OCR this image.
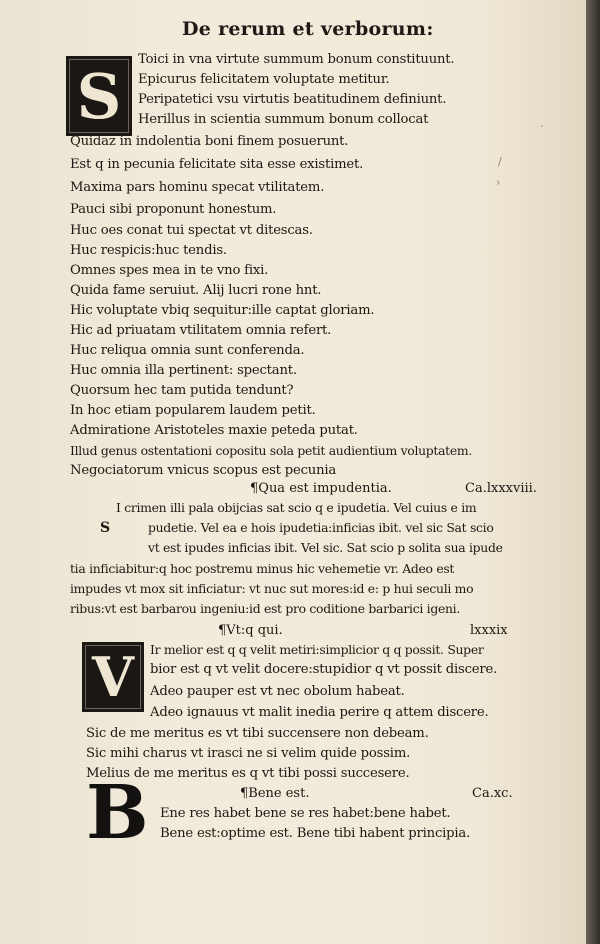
De rerum et verborum:
S Toici in vna virtute summum bonum constituunt.
Epicurus felicitatem voluptate metitur.
Peripatetici vsu virtutis beatitudinem definiunt.
Herillus in scientia summum bonum collocat
Quidaz in indolentia boni finem posuerunt.
Est q in pecunia felicitate sita esse existimet.
Maxima pars hominu specat vtilitatem.
Pauci sibi proponunt honestum.
Huc oes conat tui spectat vt ditescas.
Huc respicis:huc tendis.
Omnes spes mea in te vno fixi.
Quida fame seruiut. Alij lucri rone hnt.
Hic voluptate vbiq sequitur:ille captat gloriam.
Hic ad priuatam vtilitatem omnia refert.
Huc reliqua omnia sunt conferenda.
Huc omnia illa pertinent: spectant.
Quorsum hec tam putida tendunt?
In hoc etiam popularem laudem petit.
Admiratione Aristoteles maxie peteda putat.
Illud genus ostentationi copositu sola petit audientium voluptatem.
Negociatorum vnicus scopus est pecunia
¶Qua est impudentia.	Ca.lxxxviii.
I crimen illi pala obijcias sat scio q e ipudetia. Vel cuius e im
S	pudetie. Vel ea e hois ipudetia:inficias ibit. vel sic Sat scio
vt est ipudes inficias ibit. Vel sic. Sat scio p solita sua ipude
tia inficiabitur:q hoc postremu minus hic vehemetie vr. Adeo est
impudes vt mox sit inficiatur: vt nuc sut mores:id e: p hui seculi mo
ribus:vt est barbarou ingeniu:id est pro coditione barbarici igeni.
¶Vt:q qui.	lxxxix
V Ir melior est q q velit metiri:simplicior q q possit. Super
bior est q vt velit docere:stupidior q vt possit discere.
Adeo pauper est vt nec obolum habeat.
Adeo ignauus vt malit inedia perire q attem discere.
Sic de me meritus es vt tibi succensere non debeam.
Sic mihi charus vt irasci ne si velim quide possim.
Melius de me meritus es q vt tibi possi succesere.
¶Bene est.	Ca.xc.
B Ene res habet bene se res habet:bene habet.
Bene est:optime est. Bene tibi habent principia.
/
›
·
